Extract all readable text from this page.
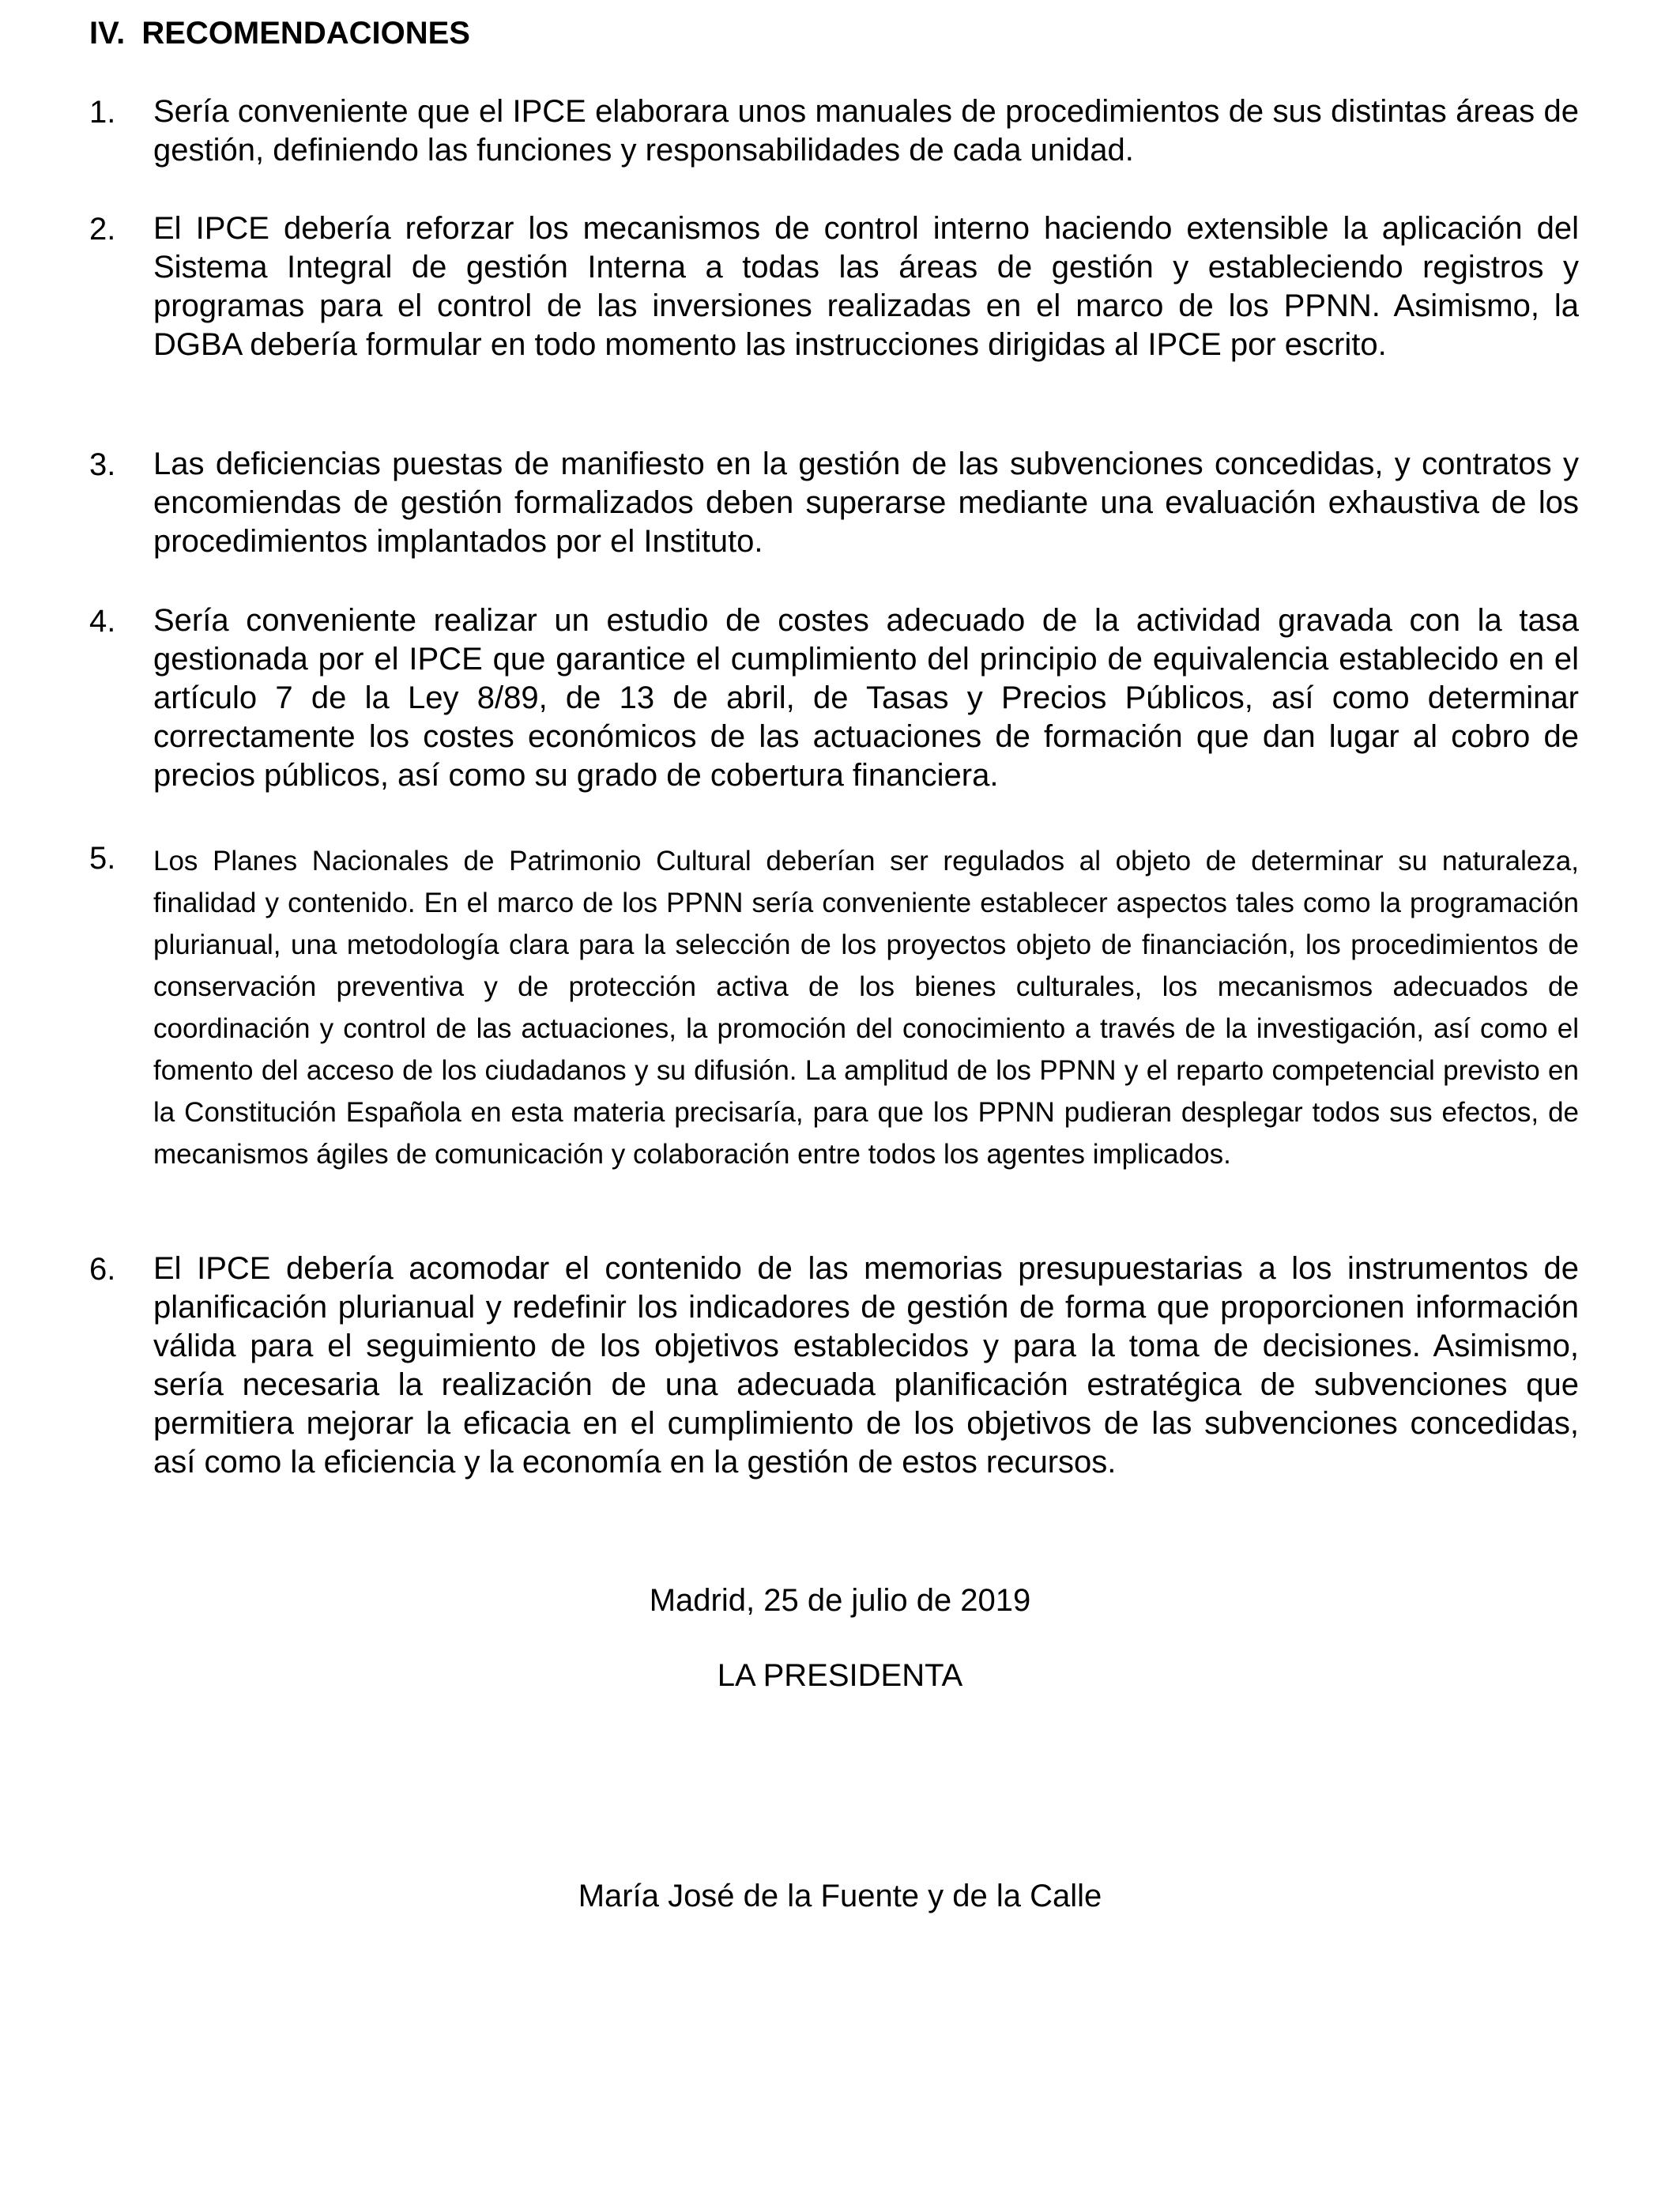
IV. RECOMENDACIONES
1. Sería conveniente que el IPCE elaborara unos manuales de procedimientos de sus distintas áreas de gestión, definiendo las funciones y responsabilidades de cada unidad.
2. El IPCE debería reforzar los mecanismos de control interno haciendo extensible la aplicación del Sistema Integral de gestión Interna a todas las áreas de gestión y estableciendo registros y programas para el control de las inversiones realizadas en el marco de los PPNN. Asimismo, la DGBA debería formular en todo momento las instrucciones dirigidas al IPCE por escrito.
3. Las deficiencias puestas de manifiesto en la gestión de las subvenciones concedidas, y contratos y encomiendas de gestión formalizados deben superarse mediante una evaluación exhaustiva de los procedimientos implantados por el Instituto.
4. Sería conveniente realizar un estudio de costes adecuado de la actividad gravada con la tasa gestionada por el IPCE que garantice el cumplimiento del principio de equivalencia establecido en el artículo 7 de la Ley 8/89, de 13 de abril, de Tasas y Precios Públicos, así como determinar correctamente los costes económicos de las actuaciones de formación que dan lugar al cobro de precios públicos, así como su grado de cobertura financiera.
5. Los Planes Nacionales de Patrimonio Cultural deberían ser regulados al objeto de determinar su naturaleza, finalidad y contenido. En el marco de los PPNN sería conveniente establecer aspectos tales como la programación plurianual, una metodología clara para la selección de los proyectos objeto de financiación, los procedimientos de conservación preventiva y de protección activa de los bienes culturales, los mecanismos adecuados de coordinación y control de las actuaciones, la promoción del conocimiento a través de la investigación, así como el fomento del acceso de los ciudadanos y su difusión. La amplitud de los PPNN y el reparto competencial previsto en la Constitución Española en esta materia precisaría, para que los PPNN pudieran desplegar todos sus efectos, de mecanismos ágiles de comunicación y colaboración entre todos los agentes implicados.
6. El IPCE debería acomodar el contenido de las memorias presupuestarias a los instrumentos de planificación plurianual y redefinir los indicadores de gestión de forma que proporcionen información válida para el seguimiento de los objetivos establecidos y para la toma de decisiones. Asimismo, sería necesaria la realización de una adecuada planificación estratégica de subvenciones que permitiera mejorar la eficacia en el cumplimiento de los objetivos de las subvenciones concedidas, así como la eficiencia y la economía en la gestión de estos recursos.
Madrid, 25 de julio de 2019
LA PRESIDENTA
María José de la Fuente y de la Calle
